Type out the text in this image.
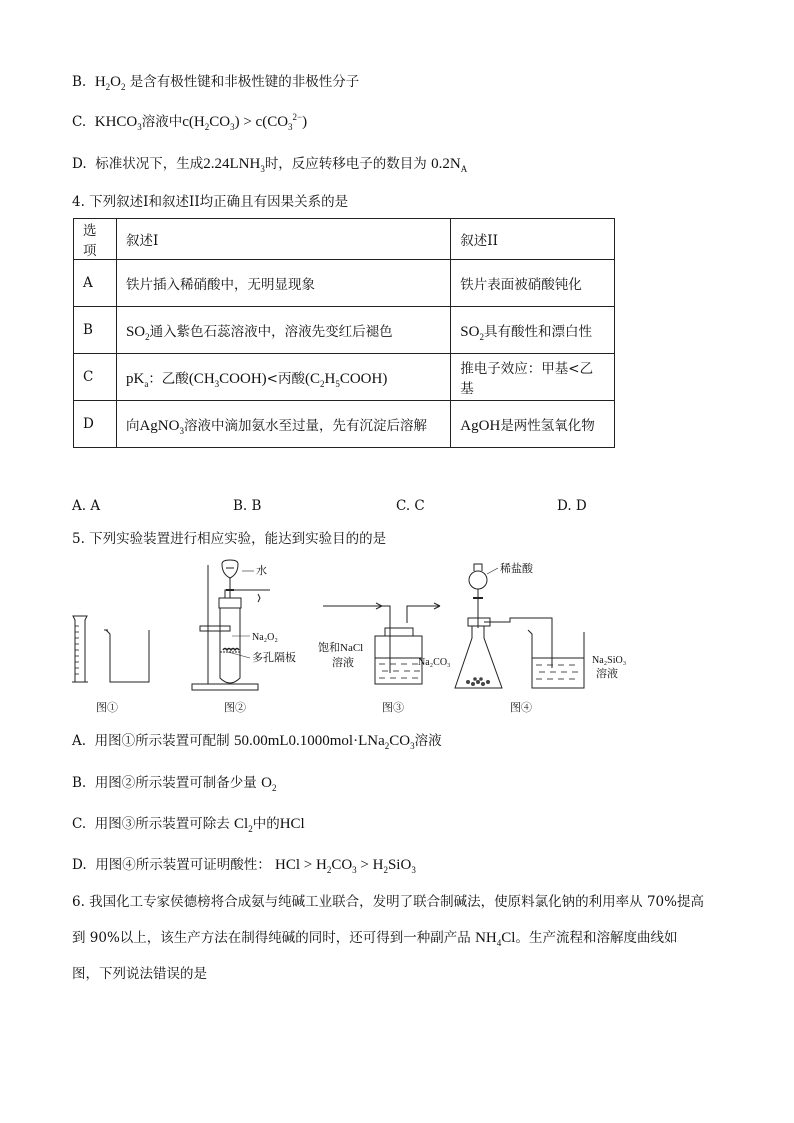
B. $H_2O_2$ 是含有极性键和非极性键的非极性分子
C. $KHCO_3$溶液中$c(H_2CO_3) > c(CO_3^{2-})$
D. 标准状况下，生成$2.24LNH_3$时，反应转移电子的数目为 $0.2N_A$
4. 下列叙述I和叙述II均正确且有因果关系的是
选项	叙述I	叙述II
A	铁片插入稀硝酸中，无明显现象	铁片表面被硝酸钝化
B	$SO_2$通入紫色石蕊溶液中，溶液先变红后褪色	$SO_2$具有酸性和漂白性
C	$pK_a$：乙酸$(CH_3COOH)<$丙酸$(C_2H_5COOH)$	推电子效应：甲基<乙基
D	向AgNO$_3$溶液中滴加氨水至过量，先有沉淀后溶解	AgOH是两性氢氧化物
A. A	B. B	C. C	D. D
5. 下列实验装置进行相应实验，能达到实验目的的是
水
Na₂O₂
多孔隔板
饱和NaCl
溶液
稀盐酸
Na₂CO₃	Na₂SiO₃
溶液
图①	图②	图③	图④
A. 用图①所示装置可配制 $50.00mL0.1000mol\cdot LNa_2CO_3$溶液
B. 用图②所示装置可制备少量 $O_2$
C. 用图③所示装置可除去 $Cl_2$中的HCl
D. 用图④所示装置可证明酸性： HCl > $H_2CO_3 > H_2SiO_3$
6. 我国化工专家侯德榜将合成氨与纯碱工业联合，发明了联合制碱法，使原料氯化钠的利用率从 70%提高
到 90%以上，该生产方法在制得纯碱的同时，还可得到一种副产品 $NH_4Cl$。生产流程和溶解度曲线如
图，下列说法错误的是
